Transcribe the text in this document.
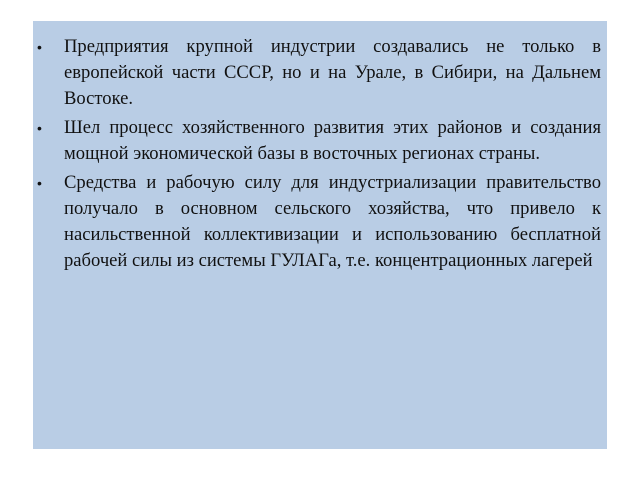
• Предприятия крупной индустрии создавались не только в европейской части СССР, но и на Урале, в Сибири, на Дальнем Востоке.
• Шел процесс хозяйственного развития этих районов и создания мощной экономической базы в восточных регионах страны.
• Средства и рабочую силу для индустриализации правительство получало в основном сельского хозяйства, что привело к насильственной коллективизации и использованию бесплатной рабочей силы из системы ГУЛАГа, т.е. концентрационных лагерей
